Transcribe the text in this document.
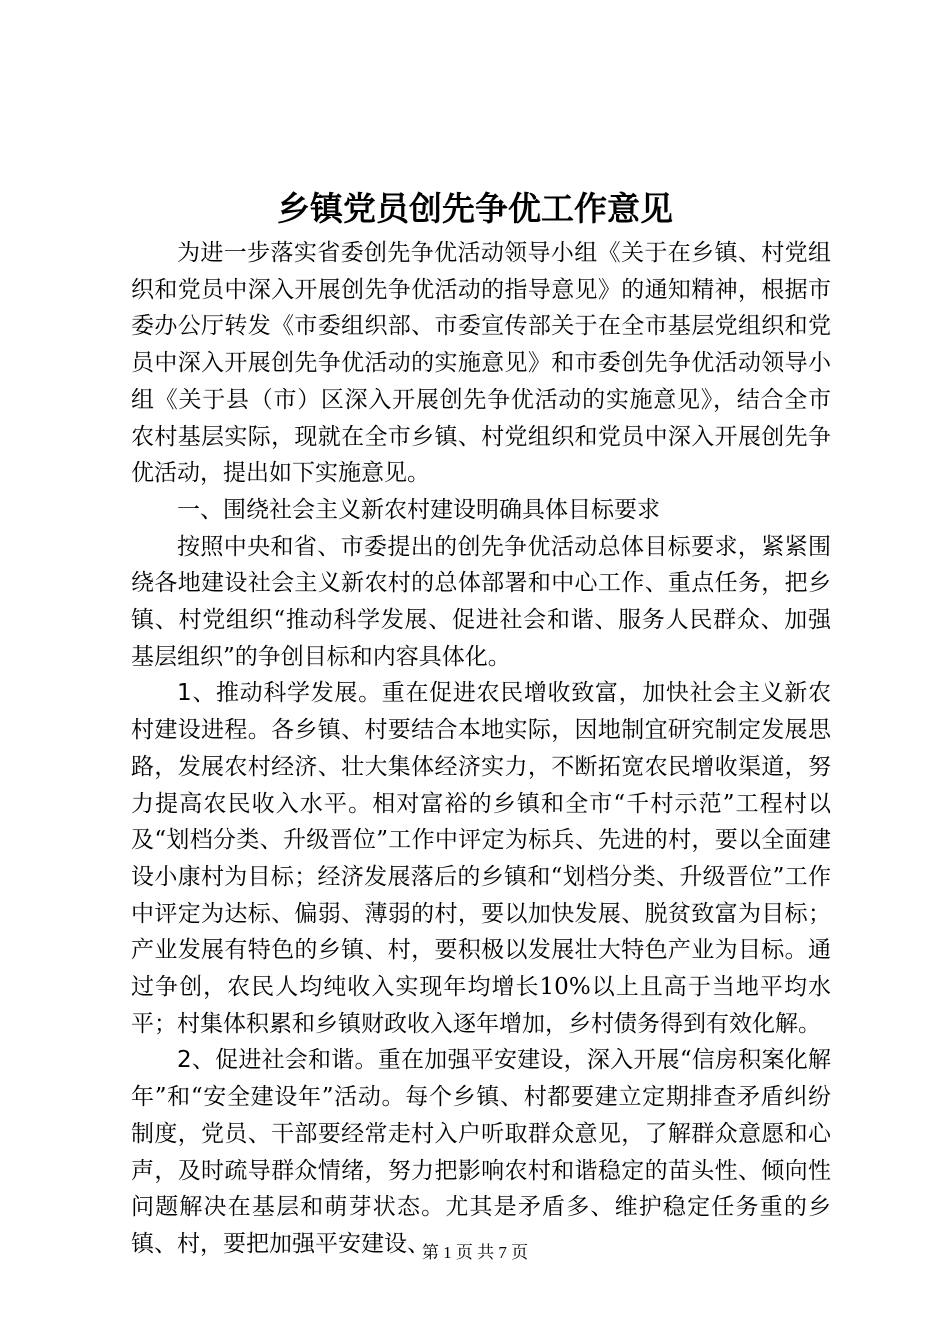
乡镇党员创先争优工作意见

为进一步落实省委创先争优活动领导小组《关于在乡镇、村党组织和党员中深入开展创先争优活动的指导意见》的通知精神，根据市委办公厅转发《市委组织部、市委宣传部关于在全市基层党组织和党员中深入开展创先争优活动的实施意见》和市委创先争优活动领导小组《关于县（市）区深入开展创先争优活动的实施意见》，结合全市农村基层实际，现就在全市乡镇、村党组织和党员中深入开展创先争优活动，提出如下实施意见。

一、围绕社会主义新农村建设明确具体目标要求

按照中央和省、市委提出的创先争优活动总体目标要求，紧紧围绕各地建设社会主义新农村的总体部署和中心工作、重点任务，把乡镇、村党组织“推动科学发展、促进社会和谐、服务人民群众、加强基层组织”的争创目标和内容具体化。

1、推动科学发展。重在促进农民增收致富，加快社会主义新农村建设进程。各乡镇、村要结合本地实际，因地制宜研究制定发展思路，发展农村经济、壮大集体经济实力，不断拓宽农民增收渠道，努力提高农民收入水平。相对富裕的乡镇和全市“千村示范”工程村以及“划档分类、升级晋位”工作中评定为标兵、先进的村，要以全面建设小康村为目标；经济发展落后的乡镇和“划档分类、升级晋位”工作中评定为达标、偏弱、薄弱的村，要以加快发展、脱贫致富为目标；产业发展有特色的乡镇、村，要积极以发展壮大特色产业为目标。通过争创，农民人均纯收入实现年均增长10%以上且高于当地平均水平；村集体积累和乡镇财政收入逐年增加，乡村债务得到有效化解。

2、促进社会和谐。重在加强平安建设，深入开展“信房积案化解年”和“安全建设年”活动。每个乡镇、村都要建立定期排查矛盾纠纷制度，党员、干部要经常走村入户听取群众意见，了解群众意愿和心声，及时疏导群众情绪，努力把影响农村和谐稳定的苗头性、倾向性问题解决在基层和萌芽状态。尤其是矛盾多、维护稳定任务重的乡镇、村，要把加强平安建设、

第 1 页 共 7 页
